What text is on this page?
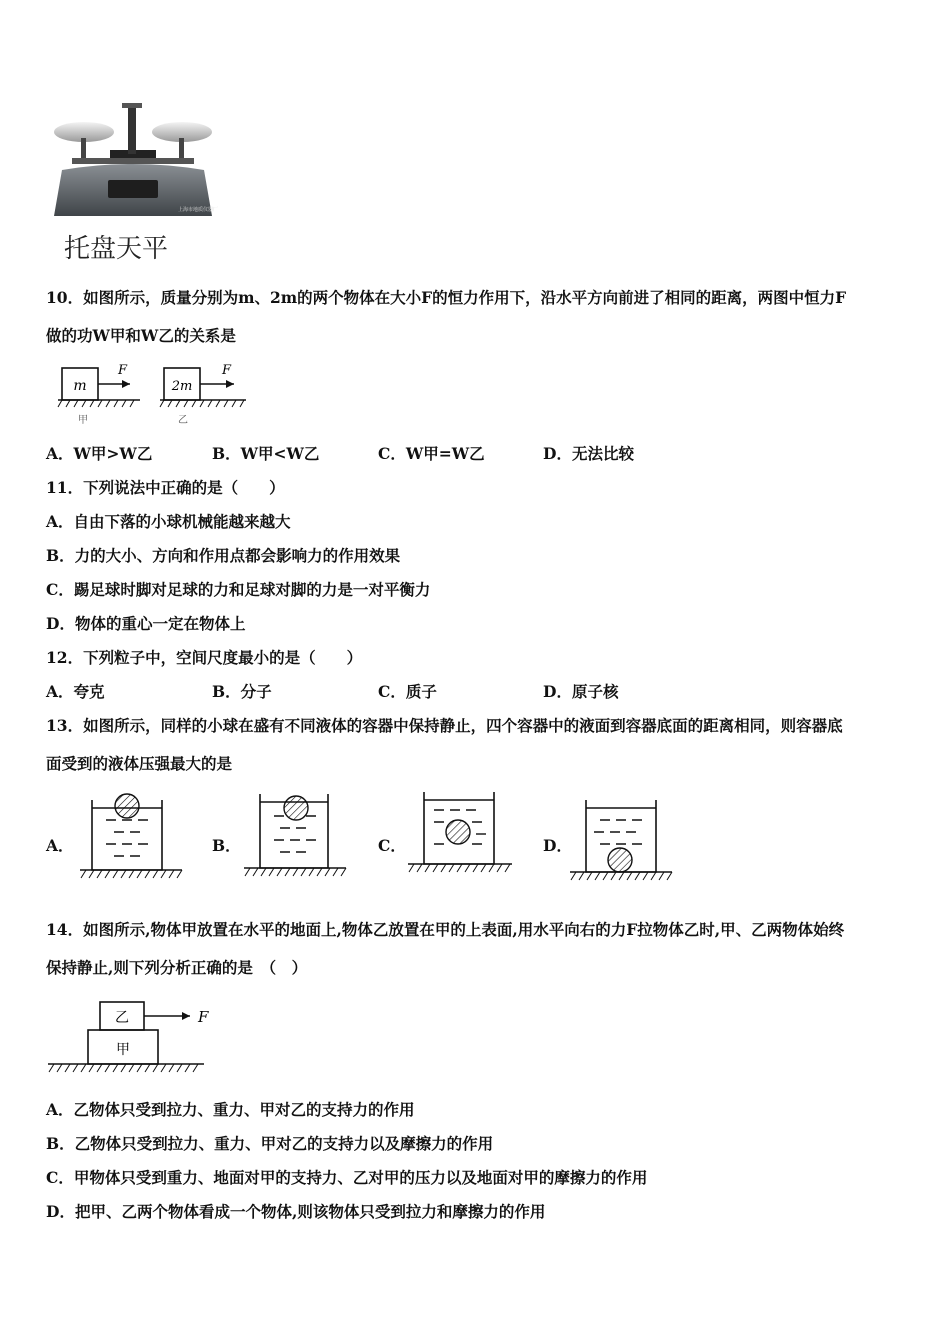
上海市地质仪器厂
托盘天平
10．如图所示，质量分别为m、2m的两个物体在大小F的恒力作用下，沿水平方向前进了相同的距离，两图中恒力F
做的功W甲和W乙的关系是
m
F
甲
2m
F
乙
A．W甲>W乙	B．W甲<W乙	C．W甲=W乙	D．无法比较
11．下列说法中正确的是（　　）
A．自由下落的小球机械能越来越大
B．力的大小、方向和作用点都会影响力的作用效果
C．踢足球时脚对足球的力和足球对脚的力是一对平衡力
D．物体的重心一定在物体上
12．下列粒子中，空间尺度最小的是（　　）
A．夸克	B．分子	C．质子	D．原子核
13．如图所示，同样的小球在盛有不同液体的容器中保持静止，四个容器中的液面到容器底面的距离相同，则容器底
面受到的液体压强最大的是
A．	B．	C．	D．
14．如图所示,物体甲放置在水平的地面上,物体乙放置在甲的上表面,用水平向右的力F拉物体乙时,甲、乙两物体始终
保持静止,则下列分析正确的是　（　）
乙	F
甲
A．乙物体只受到拉力、重力、甲对乙的支持力的作用
B．乙物体只受到拉力、重力、甲对乙的支持力以及摩擦力的作用
C．甲物体只受到重力、地面对甲的支持力、乙对甲的压力以及地面对甲的摩擦力的作用
D．把甲、乙两个物体看成一个物体,则该物体只受到拉力和摩擦力的作用
